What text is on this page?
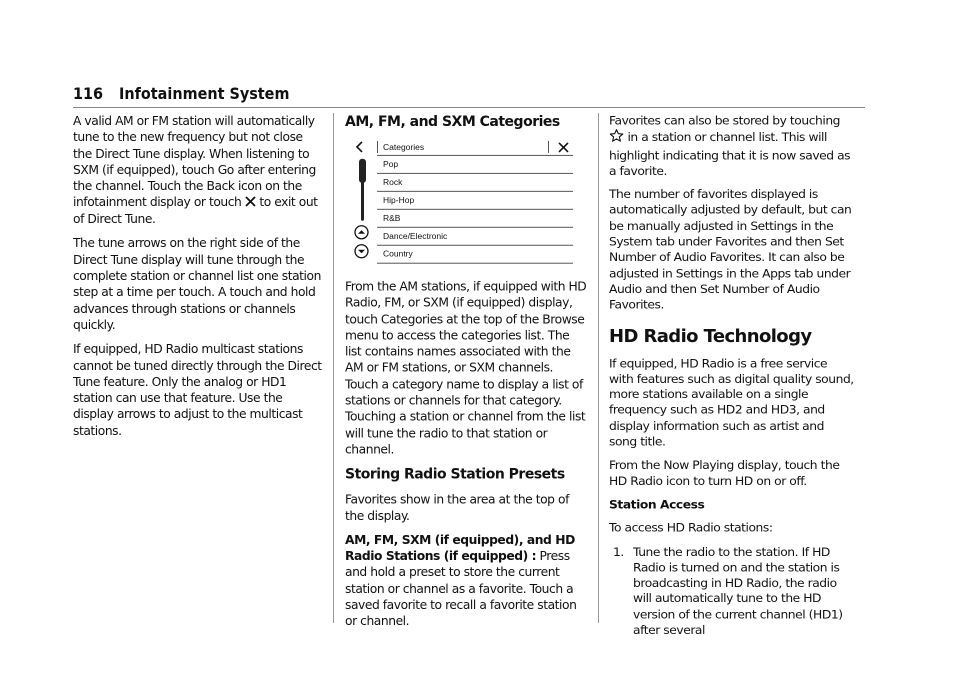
116 Infotainment System

A valid AM or FM station will automatically tune to the new frequency but not close the Direct Tune display. When listening to SXM (if equipped), touch Go after entering the channel. Touch the Back icon on the infotainment display or touch  to exit out of Direct Tune.

The tune arrows on the right side of the Direct Tune display will tune through the complete station or channel list one station step at a time per touch. A touch and hold advances through stations or channels quickly.

If equipped, HD Radio multicast stations cannot be tuned directly through the Direct Tune feature. Only the analog or HD1 station can use that feature. Use the display arrows to adjust to the multicast stations.

AM, FM, and SXM Categories
Categories
Pop
Rock
Hip-Hop
R&B
Dance/Electronic
Country

From the AM stations, if equipped with HD Radio, FM, or SXM (if equipped) display, touch Categories at the top of the Browse menu to access the categories list. The list contains names associated with the AM or FM stations, or SXM channels. Touch a category name to display a list of stations or channels for that category. Touching a station or channel from the list will tune the radio to that station or channel.

Storing Radio Station Presets

Favorites show in the area at the top of the display.

AM, FM, SXM (if equipped), and HD Radio Stations (if equipped) : Press and hold a preset to store the current station or channel as a favorite. Touch a saved favorite to recall a favorite station or channel.

Favorites can also be stored by touching  in a station or channel list. This will highlight indicating that it is now saved as a favorite.

The number of favorites displayed is automatically adjusted by default, but can be manually adjusted in Settings in the System tab under Favorites and then Set Number of Audio Favorites. It can also be adjusted in Settings in the Apps tab under Audio and then Set Number of Audio Favorites.

HD Radio Technology

If equipped, HD Radio is a free service with features such as digital quality sound, more stations available on a single frequency such as HD2 and HD3, and display information such as artist and song title.

From the Now Playing display, touch the HD Radio icon to turn HD on or off.

Station Access

To access HD Radio stations:

1. Tune the radio to the station. If HD Radio is turned on and the station is broadcasting in HD Radio, the radio will automatically tune to the HD version of the current channel (HD1) after several
